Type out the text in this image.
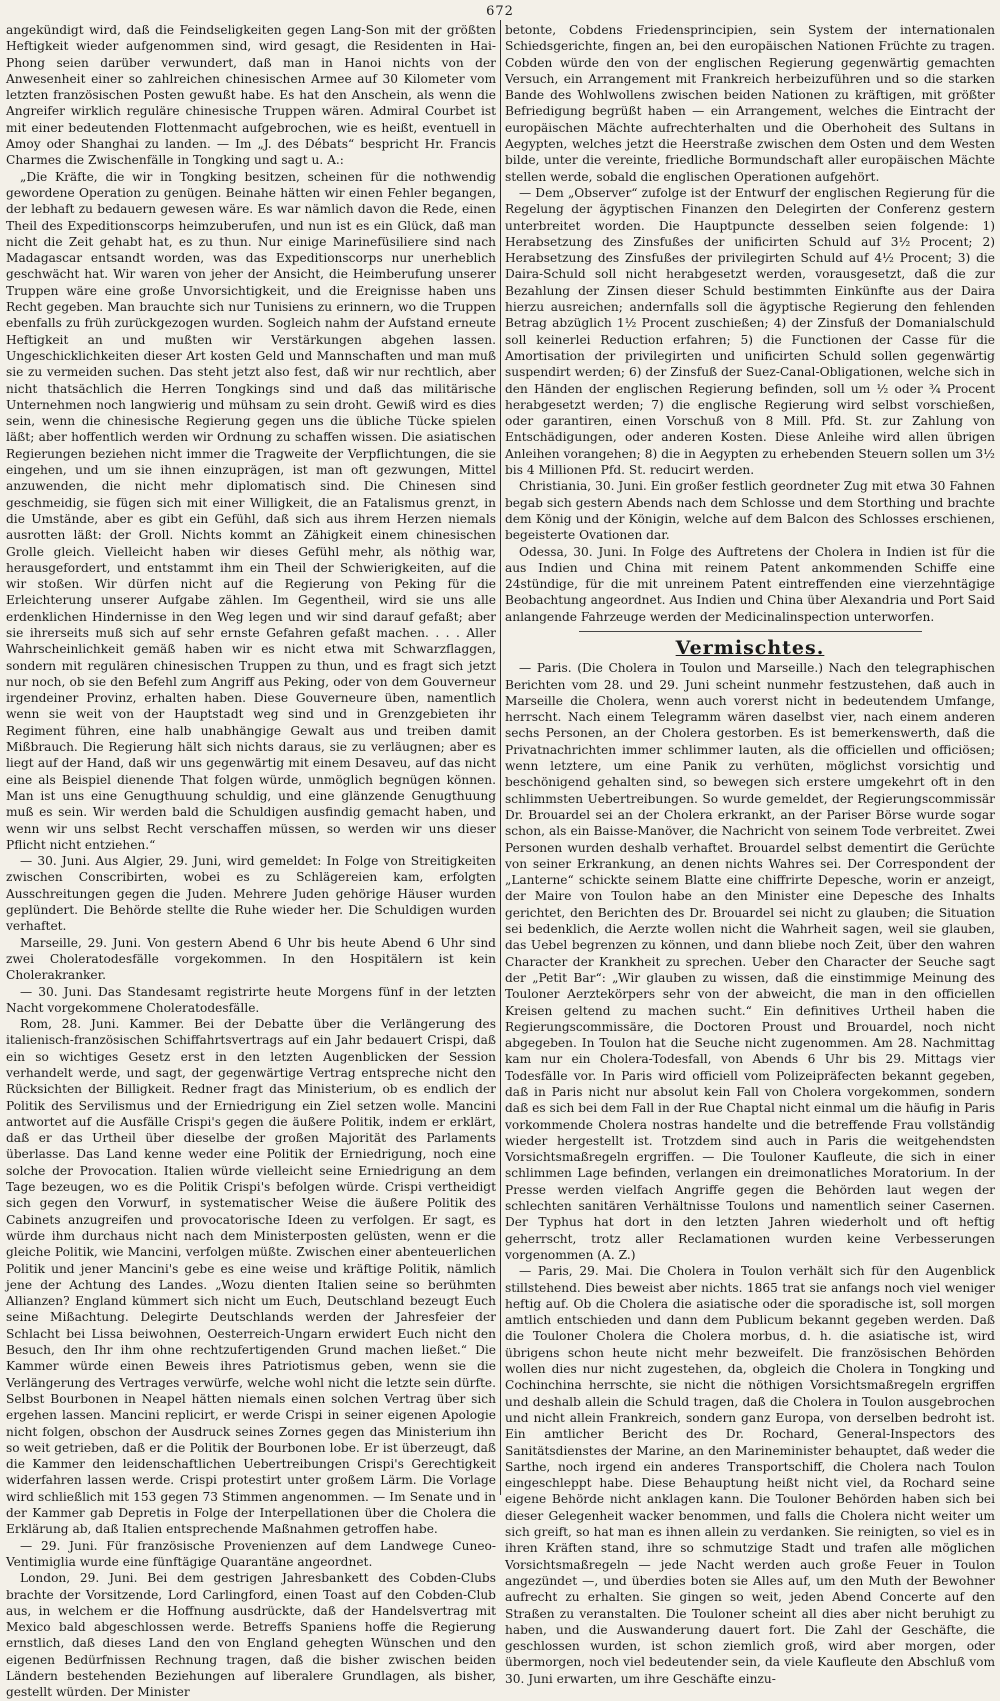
672

angekündigt wird, daß die Feindseligkeiten gegen Lang-Son mit der größten Heftigkeit wieder aufgenommen sind, wird gesagt, die Residenten in Hai-Phong seien darüber verwundert, daß man in Hanoi nichts von der Anwesenheit einer so zahlreichen chinesischen Armee auf 30 Kilometer vom letzten französischen Posten gewußt habe. Es hat den Anschein, als wenn die Angreifer wirklich reguläre chinesische Truppen wären. Admiral Courbet ist mit einer bedeutenden Flottenmacht aufgebrochen, wie es heißt, eventuell in Amoy oder Shanghai zu landen. — Im „J. des Débats“ bespricht Hr. Francis Charmes die Zwischenfälle in Tongking und sagt u. A.:

„Die Kräfte, die wir in Tongking besitzen, scheinen für die nothwendig gewordene Operation zu genügen. Beinahe hätten wir einen Fehler begangen, der lebhaft zu bedauern gewesen wäre. Es war nämlich davon die Rede, einen Theil des Expeditionscorps heimzuberufen, und nun ist es ein Glück, daß man nicht die Zeit gehabt hat, es zu thun. Nur einige Marinefüsiliere sind nach Madagascar entsandt worden, was das Expeditionscorps nur unerheblich geschwächt hat. Wir waren von jeher der Ansicht, die Heimberufung unserer Truppen wäre eine große Unvorsichtigkeit, und die Ereignisse haben uns Recht gegeben. Man brauchte sich nur Tunisiens zu erinnern, wo die Truppen ebenfalls zu früh zurückgezogen wurden. Sogleich nahm der Aufstand erneute Heftigkeit an und mußten wir Verstärkungen abgehen lassen. Ungeschicklichkeiten dieser Art kosten Geld und Mannschaften und man muß sie zu vermeiden suchen. Das steht jetzt also fest, daß wir nur rechtlich, aber nicht thatsächlich die Herren Tongkings sind und daß das militärische Unternehmen noch langwierig und mühsam zu sein droht. Gewiß wird es dies sein, wenn die chinesische Regierung gegen uns die übliche Tücke spielen läßt; aber hoffentlich werden wir Ordnung zu schaffen wissen. Die asiatischen Regierungen beziehen nicht immer die Tragweite der Verpflichtungen, die sie eingehen, und um sie ihnen einzuprägen, ist man oft gezwungen, Mittel anzuwenden, die nicht mehr diplomatisch sind. Die Chinesen sind geschmeidig, sie fügen sich mit einer Willigkeit, die an Fatalismus grenzt, in die Umstände, aber es gibt ein Gefühl, daß sich aus ihrem Herzen niemals ausrotten läßt: der Groll. Nichts kommt an Zähigkeit einem chinesischen Grolle gleich. Vielleicht haben wir dieses Gefühl mehr, als nöthig war, herausgefordert, und entstammt ihm ein Theil der Schwierigkeiten, auf die wir stoßen. Wir dürfen nicht auf die Regierung von Peking für die Erleichterung unserer Aufgabe zählen. Im Gegentheil, wird sie uns alle erdenklichen Hindernisse in den Weg legen und wir sind darauf gefaßt; aber sie ihrerseits muß sich auf sehr ernste Gefahren gefaßt machen. . . . Aller Wahrscheinlichkeit gemäß haben wir es nicht etwa mit Schwarzflaggen, sondern mit regulären chinesischen Truppen zu thun, und es fragt sich jetzt nur noch, ob sie den Befehl zum Angriff aus Peking, oder von dem Gouverneur irgendeiner Provinz, erhalten haben. Diese Gouverneure üben, namentlich wenn sie weit von der Hauptstadt weg sind und in Grenzgebieten ihr Regiment führen, eine halb unabhängige Gewalt aus und treiben damit Mißbrauch. Die Regierung hält sich nichts daraus, sie zu verläugnen; aber es liegt auf der Hand, daß wir uns gegenwärtig mit einem Desaveu, auf das nicht eine als Beispiel dienende That folgen würde, unmöglich begnügen können. Man ist uns eine Genugthuung schuldig, und eine glänzende Genugthuung muß es sein. Wir werden bald die Schuldigen ausfindig gemacht haben, und wenn wir uns selbst Recht verschaffen müssen, so werden wir uns dieser Pflicht nicht entziehen.“

— 30. Juni. Aus Algier, 29. Juni, wird gemeldet: In Folge von Streitigkeiten zwischen Conscribirten, wobei es zu Schlägereien kam, erfolgten Ausschreitungen gegen die Juden. Mehrere Juden gehörige Häuser wurden geplündert. Die Behörde stellte die Ruhe wieder her. Die Schuldigen wurden verhaftet.

Marseille, 29. Juni. Von gestern Abend 6 Uhr bis heute Abend 6 Uhr sind zwei Choleratodesfälle vorgekommen. In den Hospitälern ist kein Cholerakranker.

— 30. Juni. Das Standesamt registrirte heute Morgens fünf in der letzten Nacht vorgekommene Choleratodesfälle.

Rom, 28. Juni. Kammer. Bei der Debatte über die Verlängerung des italienisch-französischen Schiffahrtsvertrags auf ein Jahr bedauert Crispi, daß ein so wichtiges Gesetz erst in den letzten Augenblicken der Session verhandelt werde, und sagt, der gegenwärtige Vertrag entspreche nicht den Rücksichten der Billigkeit. Redner fragt das Ministerium, ob es endlich der Politik des Servilismus und der Erniedrigung ein Ziel setzen wolle. Mancini antwortet auf die Ausfälle Crispi's gegen die äußere Politik, indem er erklärt, daß er das Urtheil über dieselbe der großen Majorität des Parlaments überlasse. Das Land kenne weder eine Politik der Erniedrigung, noch eine solche der Provocation. Italien würde vielleicht seine Erniedrigung an dem Tage bezeugen, wo es die Politik Crispi's befolgen würde. Crispi vertheidigt sich gegen den Vorwurf, in systematischer Weise die äußere Politik des Cabinets anzugreifen und provocatorische Ideen zu verfolgen. Er sagt, es würde ihm durchaus nicht nach dem Ministerposten gelüsten, wenn er die gleiche Politik, wie Mancini, verfolgen müßte. Zwischen einer abenteuerlichen Politik und jener Mancini's gebe es eine weise und kräftige Politik, nämlich jene der Achtung des Landes. „Wozu dienten Italien seine so berühmten Allianzen? England kümmert sich nicht um Euch, Deutschland bezeugt Euch seine Mißachtung. Delegirte Deutschlands werden der Jahresfeier der Schlacht bei Lissa beiwohnen, Oesterreich-Ungarn erwidert Euch nicht den Besuch, den Ihr ihm ohne rechtzufertigenden Grund machen ließet.“ Die Kammer würde einen Beweis ihres Patriotismus geben, wenn sie die Verlängerung des Vertrages verwürfe, welche wohl nicht die letzte sein dürfte. Selbst Bourbonen in Neapel hätten niemals einen solchen Vertrag über sich ergehen lassen. Mancini replicirt, er werde Crispi in seiner eigenen Apologie nicht folgen, obschon der Ausdruck seines Zornes gegen das Ministerium ihn so weit getrieben, daß er die Politik der Bourbonen lobe. Er ist überzeugt, daß die Kammer den leidenschaftlichen Uebertreibungen Crispi's Gerechtigkeit widerfahren lassen werde. Crispi protestirt unter großem Lärm. Die Vorlage wird schließlich mit 153 gegen 73 Stimmen angenommen. — Im Senate und in der Kammer gab Depretis in Folge der Interpellationen über die Cholera die Erklärung ab, daß Italien entsprechende Maßnahmen getroffen habe.

— 29. Juni. Für französische Provenienzen auf dem Landwege Cuneo-Ventimiglia wurde eine fünftägige Quarantäne angeordnet.

London, 29. Juni. Bei dem gestrigen Jahresbankett des Cobden-Clubs brachte der Vorsitzende, Lord Carlingford, einen Toast auf den Cobden-Club aus, in welchem er die Hoffnung ausdrückte, daß der Handelsvertrag mit Mexico bald abgeschlossen werde. Betreffs Spaniens hoffe die Regierung ernstlich, daß dieses Land den von England gehegten Wünschen und den eigenen Bedürfnissen Rechnung tragen, daß die bisher zwischen beiden Ländern bestehenden Beziehungen auf liberalere Grundlagen, als bisher, gestellt würden. Der Minister

betonte, Cobdens Friedensprincipien, sein System der internationalen Schiedsgerichte, fingen an, bei den europäischen Nationen Früchte zu tragen. Cobden würde den von der englischen Regierung gegenwärtig gemachten Versuch, ein Arrangement mit Frankreich herbeizuführen und so die starken Bande des Wohlwollens zwischen beiden Nationen zu kräftigen, mit größter Befriedigung begrüßt haben — ein Arrangement, welches die Eintracht der europäischen Mächte aufrechterhalten und die Oberhoheit des Sultans in Aegypten, welches jetzt die Heerstraße zwischen dem Osten und dem Westen bilde, unter die vereinte, friedliche Bormundschaft aller europäischen Mächte stellen werde, sobald die englischen Operationen aufgehört.

— Dem „Observer“ zufolge ist der Entwurf der englischen Regierung für die Regelung der ägyptischen Finanzen den Delegirten der Conferenz gestern unterbreitet worden. Die Hauptpuncte desselben seien folgende: 1) Herabsetzung des Zinsfußes der unificirten Schuld auf 3½ Procent; 2) Herabsetzung des Zinsfußes der privilegirten Schuld auf 4½ Procent; 3) die Daira-Schuld soll nicht herabgesetzt werden, vorausgesetzt, daß die zur Bezahlung der Zinsen dieser Schuld bestimmten Einkünfte aus der Daira hierzu ausreichen; andernfalls soll die ägyptische Regierung den fehlenden Betrag abzüglich 1½ Procent zuschießen; 4) der Zinsfuß der Domanialschuld soll keinerlei Reduction erfahren; 5) die Functionen der Casse für die Amortisation der privilegirten und unificirten Schuld sollen gegenwärtig suspendirt werden; 6) der Zinsfuß der Suez-Canal-Obligationen, welche sich in den Händen der englischen Regierung befinden, soll um ½ oder ¾ Procent herabgesetzt werden; 7) die englische Regierung wird selbst vorschießen, oder garantiren, einen Vorschuß von 8 Mill. Pfd. St. zur Zahlung von Entschädigungen, oder anderen Kosten. Diese Anleihe wird allen übrigen Anleihen vorangehen; 8) die in Aegypten zu erhebenden Steuern sollen um 3½ bis 4 Millionen Pfd. St. reducirt werden.

Christiania, 30. Juni. Ein großer festlich geordneter Zug mit etwa 30 Fahnen begab sich gestern Abends nach dem Schlosse und dem Storthing und brachte dem König und der Königin, welche auf dem Balcon des Schlosses erschienen, begeisterte Ovationen dar.

Odessa, 30. Juni. In Folge des Auftretens der Cholera in Indien ist für die aus Indien und China mit reinem Patent ankommenden Schiffe eine 24stündige, für die mit unreinem Patent eintreffenden eine vierzehntägige Beobachtung angeordnet. Aus Indien und China über Alexandria und Port Said anlangende Fahrzeuge werden der Medicinalinspection unterworfen.

Vermischtes.

— Paris. (Die Cholera in Toulon und Marseille.) Nach den telegraphischen Berichten vom 28. und 29. Juni scheint nunmehr festzustehen, daß auch in Marseille die Cholera, wenn auch vorerst nicht in bedeutendem Umfange, herrscht. Nach einem Telegramm wären daselbst vier, nach einem anderen sechs Personen, an der Cholera gestorben. Es ist bemerkenswerth, daß die Privatnachrichten immer schlimmer lauten, als die officiellen und officiösen; wenn letztere, um eine Panik zu verhüten, möglichst vorsichtig und beschönigend gehalten sind, so bewegen sich erstere umgekehrt oft in den schlimmsten Uebertreibungen. So wurde gemeldet, der Regierungscommissär Dr. Brouardel sei an der Cholera erkrankt, an der Pariser Börse wurde sogar schon, als ein Baisse-Manöver, die Nachricht von seinem Tode verbreitet. Zwei Personen wurden deshalb verhaftet. Brouardel selbst dementirt die Gerüchte von seiner Erkrankung, an denen nichts Wahres sei. Der Correspondent der „Lanterne“ schickte seinem Blatte eine chiffrirte Depesche, worin er anzeigt, der Maire von Toulon habe an den Minister eine Depesche des Inhalts gerichtet, den Berichten des Dr. Brouardel sei nicht zu glauben; die Situation sei bedenklich, die Aerzte wollen nicht die Wahrheit sagen, weil sie glauben, das Uebel begrenzen zu können, und dann bliebe noch Zeit, über den wahren Character der Krankheit zu sprechen. Ueber den Character der Seuche sagt der „Petit Bar“: „Wir glauben zu wissen, daß die einstimmige Meinung des Touloner Aerztekörpers sehr von der abweicht, die man in den officiellen Kreisen geltend zu machen sucht.“ Ein definitives Urtheil haben die Regierungscommissäre, die Doctoren Proust und Brouardel, noch nicht abgegeben. In Toulon hat die Seuche nicht zugenommen. Am 28. Nachmittag kam nur ein Cholera-Todesfall, von Abends 6 Uhr bis 29. Mittags vier Todesfälle vor. In Paris wird officiell vom Polizeipräfecten bekannt gegeben, daß in Paris nicht nur absolut kein Fall von Cholera vorgekommen, sondern daß es sich bei dem Fall in der Rue Chaptal nicht einmal um die häufig in Paris vorkommende Cholera nostras handelte und die betreffende Frau vollständig wieder hergestellt ist. Trotzdem sind auch in Paris die weitgehendsten Vorsichtsmaßregeln ergriffen. — Die Touloner Kaufleute, die sich in einer schlimmen Lage befinden, verlangen ein dreimonatliches Moratorium. In der Presse werden vielfach Angriffe gegen die Behörden laut wegen der schlechten sanitären Verhältnisse Toulons und namentlich seiner Casernen. Der Typhus hat dort in den letzten Jahren wiederholt und oft heftig geherrscht, trotz aller Reclamationen wurden keine Verbesserungen vorgenommen (A. Z.)

— Paris, 29. Mai. Die Cholera in Toulon verhält sich für den Augenblick stillstehend. Dies beweist aber nichts. 1865 trat sie anfangs noch viel weniger heftig auf. Ob die Cholera die asiatische oder die sporadische ist, soll morgen amtlich entschieden und dann dem Publicum bekannt gegeben werden. Daß die Touloner Cholera die Cholera morbus, d. h. die asiatische ist, wird übrigens schon heute nicht mehr bezweifelt. Die französischen Behörden wollen dies nur nicht zugestehen, da, obgleich die Cholera in Tongking und Cochinchina herrschte, sie nicht die nöthigen Vorsichtsmaßregeln ergriffen und deshalb allein die Schuld tragen, daß die Cholera in Toulon ausgebrochen und nicht allein Frankreich, sondern ganz Europa, von derselben bedroht ist. Ein amtlicher Bericht des Dr. Rochard, General-Inspectors des Sanitätsdienstes der Marine, an den Marineminister behauptet, daß weder die Sarthe, noch irgend ein anderes Transportschiff, die Cholera nach Toulon eingeschleppt habe. Diese Behauptung heißt nicht viel, da Rochard seine eigene Behörde nicht anklagen kann. Die Touloner Behörden haben sich bei dieser Gelegenheit wacker benommen, und falls die Cholera nicht weiter um sich greift, so hat man es ihnen allein zu verdanken. Sie reinigten, so viel es in ihren Kräften stand, ihre so schmutzige Stadt und trafen alle möglichen Vorsichtsmaßregeln — jede Nacht werden auch große Feuer in Toulon angezündet —, und überdies boten sie Alles auf, um den Muth der Bewohner aufrecht zu erhalten. Sie gingen so weit, jeden Abend Concerte auf den Straßen zu veranstalten. Die Touloner scheint all dies aber nicht beruhigt zu haben, und die Auswanderung dauert fort. Die Zahl der Geschäfte, die geschlossen wurden, ist schon ziemlich groß, wird aber morgen, oder übermorgen, noch viel bedeutender sein, da viele Kaufleute den Abschluß vom 30. Juni erwarten, um ihre Geschäfte einzu-
